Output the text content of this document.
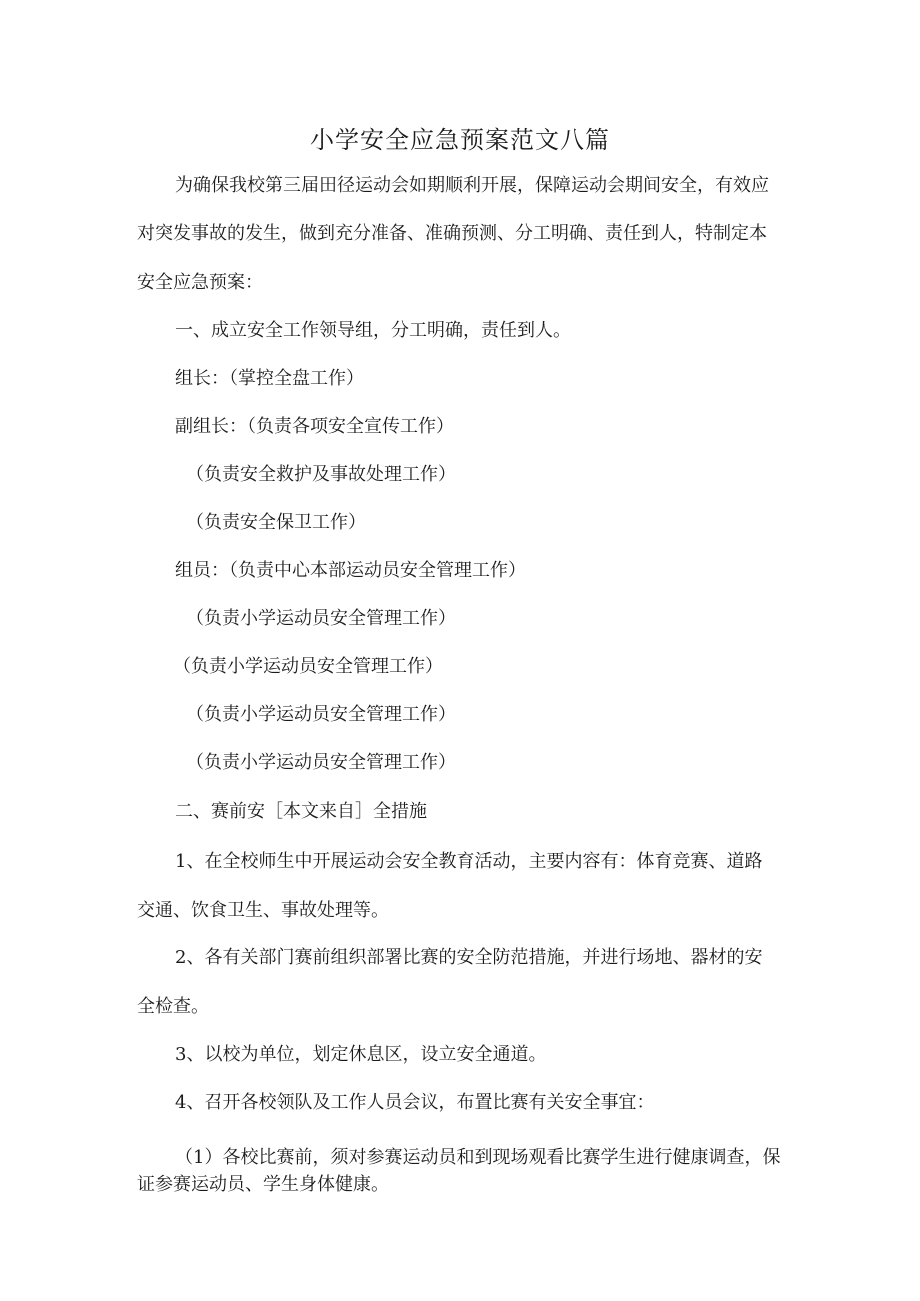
小学安全应急预案范文八篇
为确保我校第三届田径运动会如期顺利开展，保障运动会期间安全，有效应
对突发事故的发生，做到充分准备、准确预测、分工明确、责任到人，特制定本
安全应急预案：
一、成立安全工作领导组，分工明确，责任到人。
组长：（掌控全盘工作）
副组长：（负责各项安全宣传工作）
（负责安全救护及事故处理工作）
（负责安全保卫工作）
组员：（负责中心本部运动员安全管理工作）
（负责小学运动员安全管理工作）
（负责小学运动员安全管理工作）
（负责小学运动员安全管理工作）
（负责小学运动员安全管理工作）
二、赛前安［本文来自］全措施
1、在全校师生中开展运动会安全教育活动，主要内容有：体育竞赛、道路
交通、饮食卫生、事故处理等。
2、各有关部门赛前组织部署比赛的安全防范措施，并进行场地、器材的安
全检查。
3、以校为单位，划定休息区，设立安全通道。
4、召开各校领队及工作人员会议，布置比赛有关安全事宜：
（1）各校比赛前，须对参赛运动员和到现场观看比赛学生进行健康调查，保
证参赛运动员、学生身体健康。
